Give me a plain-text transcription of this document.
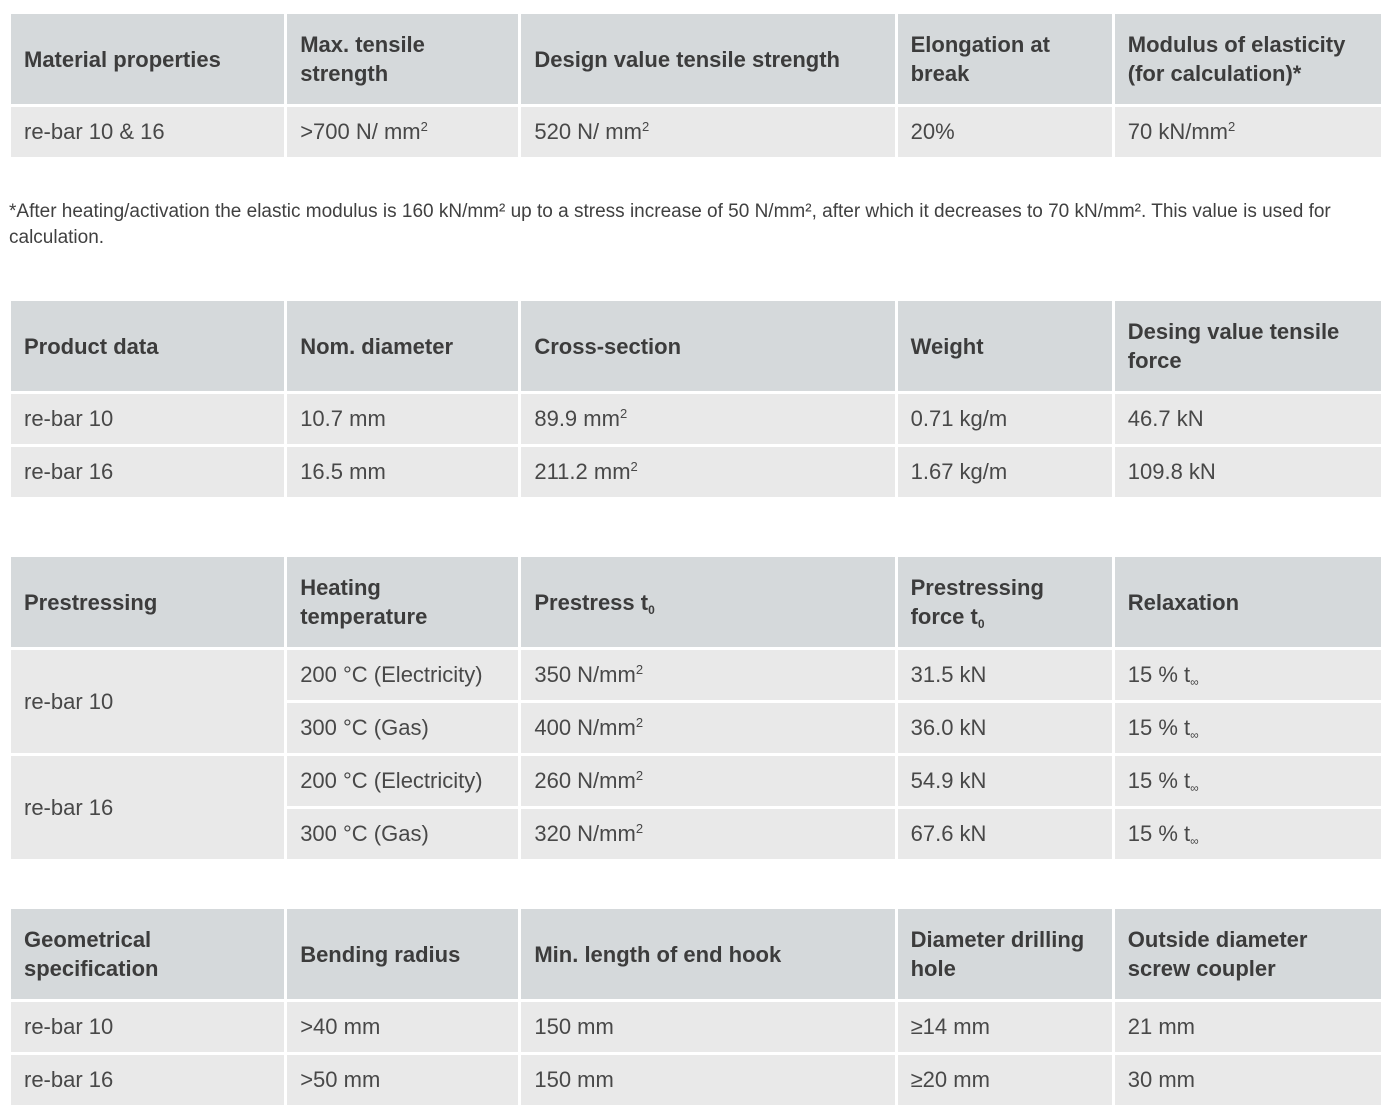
Material properties	Max. tensile strength	Design value tensile strength	Elongation at break	Modulus of elasticity (for calculation)*
re-bar 10 & 16	>700 N/ $mm^2$	520 N/ $mm^2$	20%	70 $kN/mm^2$

*After heating/activation the elastic modulus is 160 kN/mm² up to a stress increase of 50 N/mm², after which it decreases to 70 kN/mm². This value is used for calculation.

Product data	Nom. diameter	Cross-section	Weight	Desing value tensile force
re-bar 10	10.7 mm	89.9 $mm^2$	0.71 kg/m	46.7 kN
re-bar 16	16.5 mm	211.2 $mm^2$	1.67 kg/m	109.8 kN
Prestressing	Heating temperature	Prestress $t_0$	Prestressing force $t_0$	Relaxation
re-bar 10	200 °C (Electricity)	350 $N/mm^2$	31.5 kN	15 % $t_\infty$
	300 °C (Gas)	400 $N/mm^2$	36.0 kN	15 % $t_\infty$
re-bar 16	200 °C (Electricity)	260 $N/mm^2$	54.9 kN	15 % $t_\infty$
	300 °C (Gas)	320 $N/mm^2$	67.6 kN	15 % $t_\infty$
Geometrical specification	Bending radius	Min. length of end hook	Diameter drilling hole	Outside diameter screw coupler
re-bar 10	>40 mm	150 mm	≥14 mm	21 mm
re-bar 16	>50 mm	150 mm	≥20 mm	30 mm
